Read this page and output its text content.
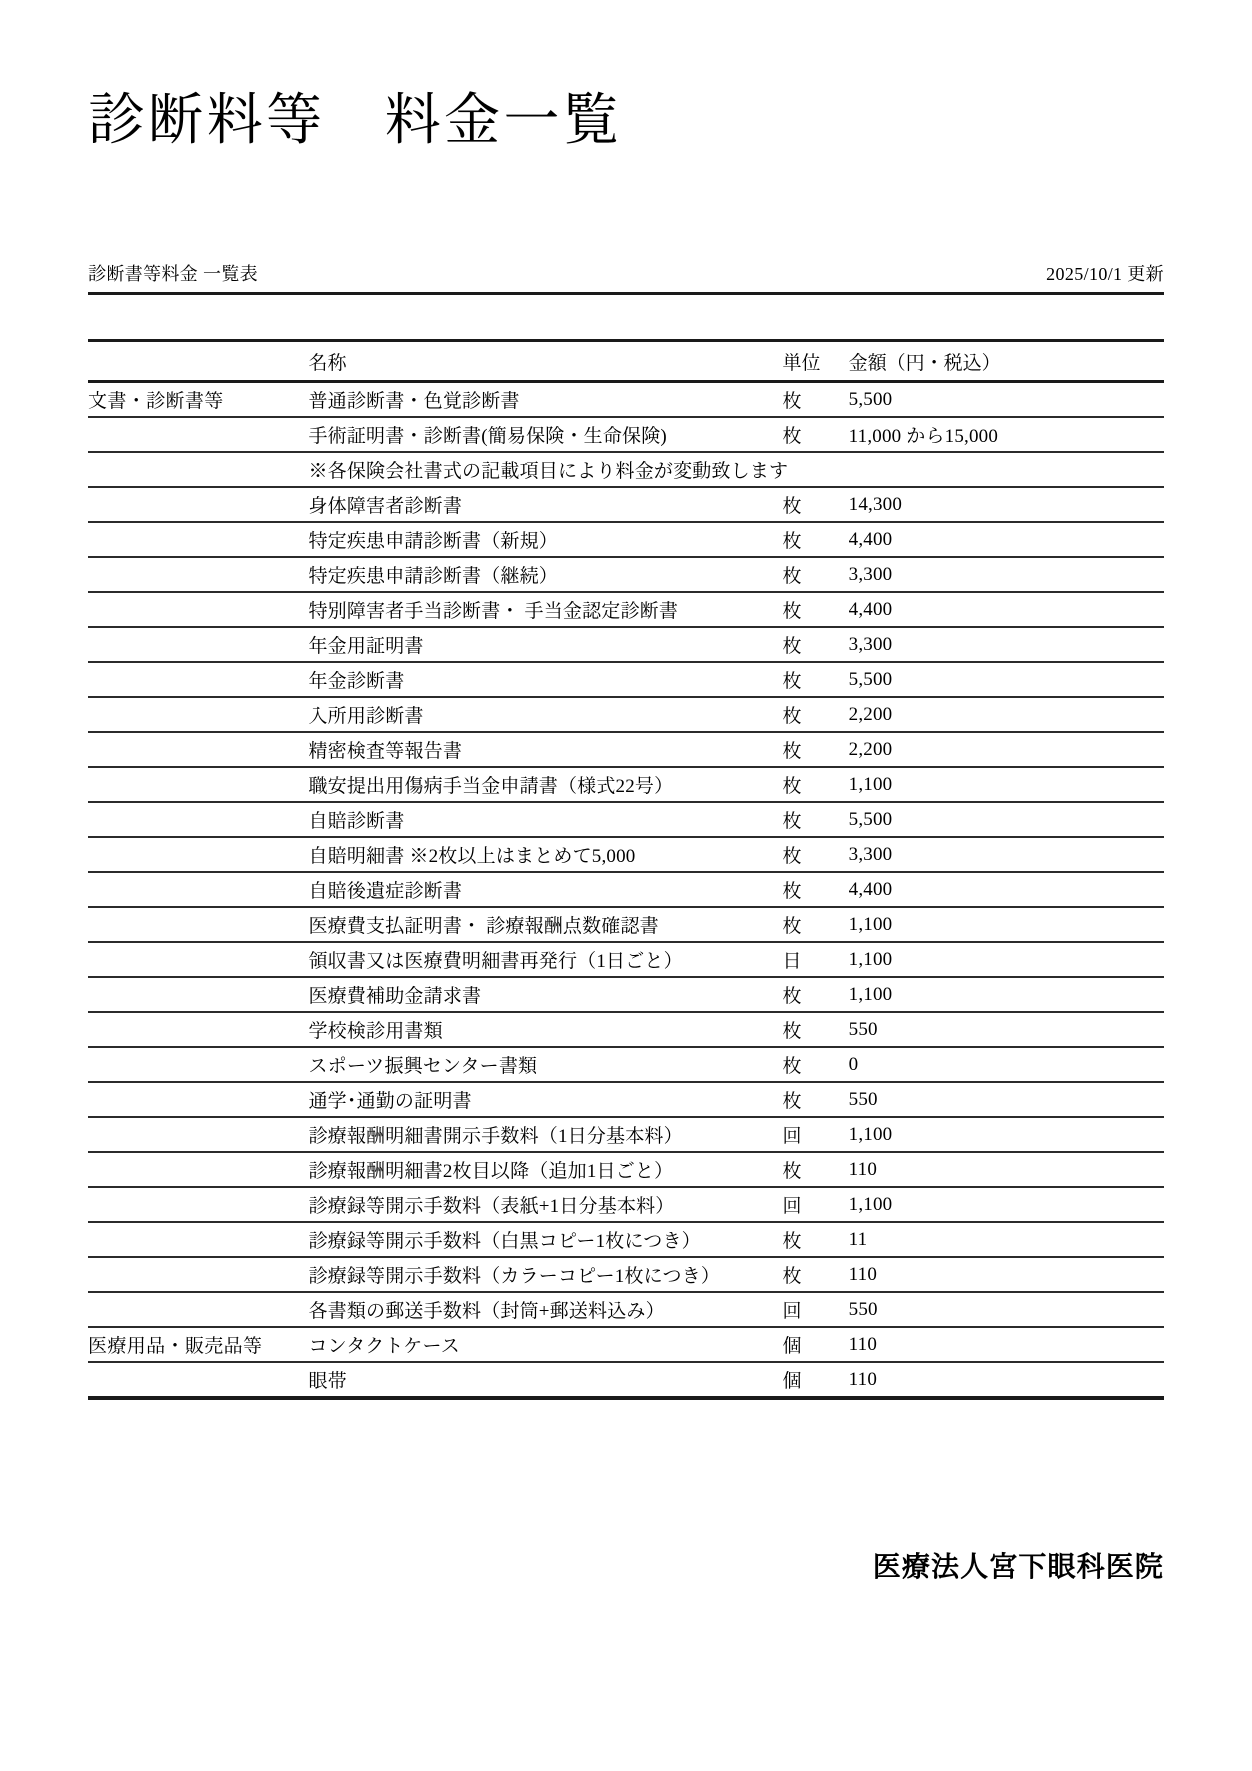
診断料等　料金一覧
診断書等料金 一覧表	2025/10/1 更新
	名称	単位	金額（円・税込）
文書・診断書等	普通診断書・色覚診断書	枚	5,500
	手術証明書・診断書(簡易保険・生命保険)	枚	11,000 から15,000
	※各保険会社書式の記載項目により料金が変動致します		
	身体障害者診断書	枚	14,300
	特定疾患申請診断書（新規）	枚	4,400
	特定疾患申請診断書（継続）	枚	3,300
	特別障害者手当診断書・ 手当金認定診断書	枚	4,400
	年金用証明書	枚	3,300
	年金診断書	枚	5,500
	入所用診断書	枚	2,200
	精密検査等報告書	枚	2,200
	職安提出用傷病手当金申請書（様式22号）	枚	1,100
	自賠診断書	枚	5,500
	自賠明細書 ※2枚以上はまとめて5,000	枚	3,300
	自賠後遺症診断書	枚	4,400
	医療費支払証明書・ 診療報酬点数確認書	枚	1,100
	領収書又は医療費明細書再発行（1日ごと）	日	1,100
	医療費補助金請求書	枚	1,100
	学校検診用書類	枚	550
	スポーツ振興センター書類	枚	0
	通学･通勤の証明書	枚	550
	診療報酬明細書開示手数料（1日分基本料）	回	1,100
	診療報酬明細書2枚目以降（追加1日ごと）	枚	110
	診療録等開示手数料（表紙+1日分基本料）	回	1,100
	診療録等開示手数料（白黒コピー1枚につき）	枚	11
	診療録等開示手数料（カラーコピー1枚につき）	枚	110
	各書類の郵送手数料（封筒+郵送料込み）	回	550
医療用品・販売品等	コンタクトケース	個	110
	眼帯	個	110
医療法人宮下眼科医院
